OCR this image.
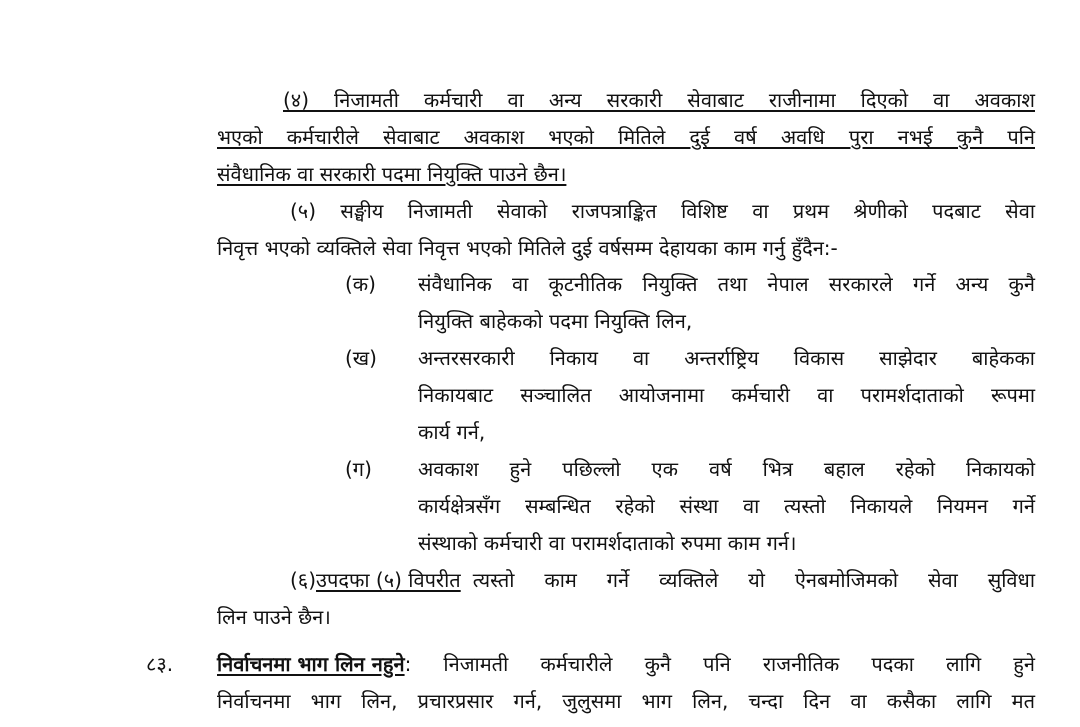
(४) निजामती कर्मचारी वा अन्य सरकारी सेवाबाट राजीनामा दिएको वा अवकाश
भएको कर्मचारीले सेवाबाट अवकाश भएको मितिले दुई वर्ष अवधि पुरा नभई कुनै पनि
संवैधानिक वा सरकारी पदमा नियुक्ति पाउने छैन।
(५) सङ्घीय निजामती सेवाको राजपत्राङ्कित विशिष्ट वा प्रथम श्रेणीको पदबाट सेवा
निवृत्त भएको व्यक्तिले सेवा निवृत्त भएको मितिले दुई वर्षसम्म देहायका काम गर्नु हुँदैन:-
(क) संवैधानिक वा कूटनीतिक नियुक्ति तथा नेपाल सरकारले गर्ने अन्य कुनै
नियुक्ति बाहेकको पदमा नियुक्ति लिन,
(ख) अन्तरसरकारी निकाय वा अन्तर्राष्ट्रिय विकास साझेदार बाहेकका
निकायबाट सञ्चालित आयोजनामा कर्मचारी वा परामर्शदाताको रूपमा
कार्य गर्न,
(ग) अवकाश हुने पछिल्लो एक वर्ष भित्र बहाल रहेको निकायको
कार्यक्षेत्रसँग सम्बन्धित रहेको संस्था वा त्यस्तो निकायले नियमन गर्ने
संस्थाको कर्मचारी वा परामर्शदाताको रुपमा काम गर्न।
(६) उपदफा (५) विपरीत त्यस्तो काम गर्ने व्यक्तिले यो ऐनबमोजिमको सेवा सुविधा
लिन पाउने छैन।
८३. निर्वाचनमा भाग लिन नहुने : निजामती कर्मचारीले कुनै पनि राजनीतिक पदका लागि हुने
निर्वाचनमा भाग लिन, प्रचारप्रसार गर्न, जुलुसमा भाग लिन, चन्दा दिन वा कसैका लागि मत
